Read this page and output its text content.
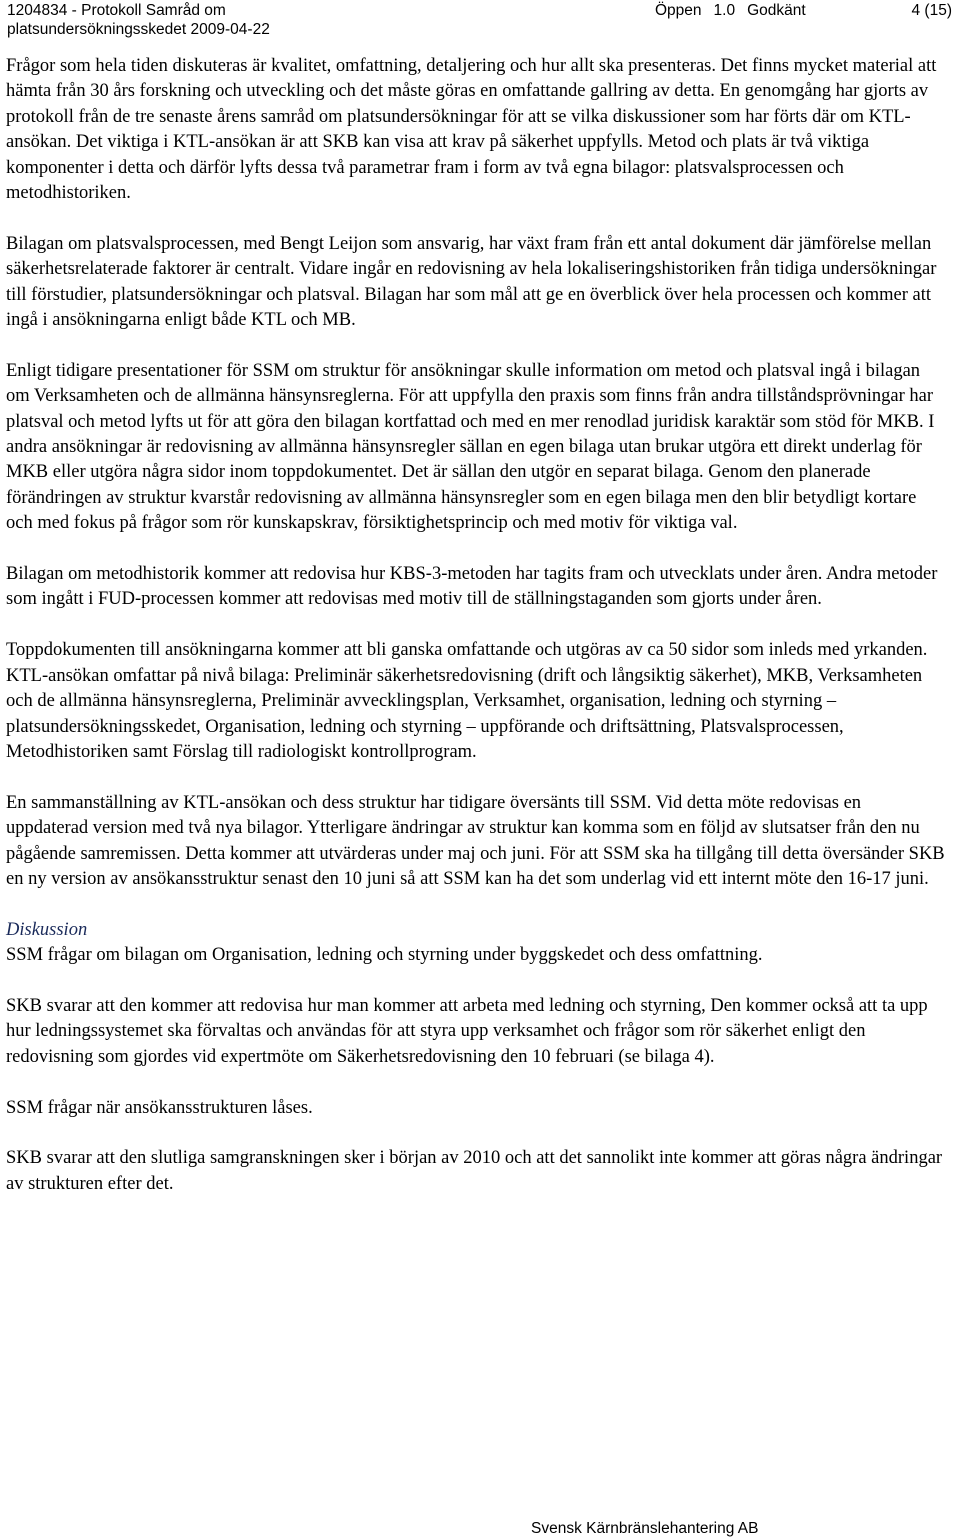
1204834 - Protokoll Samråd om
platsundersökningsskedet 2009-04-22
Öppen 1.0 Godkänt	4 (15)

Frågor som hela tiden diskuteras är kvalitet, omfattning, detaljering och hur allt ska presenteras. Det finns mycket material att hämta från 30 års forskning och utveckling och det måste göras en omfattande gallring av detta. En genomgång har gjorts av protokoll från de tre senaste årens samråd om platsundersökningar för att se vilka diskussioner som har förts där om KTL-ansökan. Det viktiga i KTL-ansökan är att SKB kan visa att krav på säkerhet uppfylls. Metod och plats är två viktiga komponenter i detta och därför lyfts dessa två parametrar fram i form av två egna bilagor: platsvalsprocessen och metodhistoriken.

Bilagan om platsvalsprocessen, med Bengt Leijon som ansvarig, har växt fram från ett antal dokument där jämförelse mellan säkerhetsrelaterade faktorer är centralt. Vidare ingår en redovisning av hela lokaliseringshistoriken från tidiga undersökningar till förstudier, platsundersökningar och platsval. Bilagan har som mål att ge en överblick över hela processen och kommer att ingå i ansökningarna enligt både KTL och MB.

Enligt tidigare presentationer för SSM om struktur för ansökningar skulle information om metod och platsval ingå i bilagan om Verksamheten och de allmänna hänsynsreglerna. För att uppfylla den praxis som finns från andra tillståndsprövningar har platsval och metod lyfts ut för att göra den bilagan kortfattad och med en mer renodlad juridisk karaktär som stöd för MKB. I andra ansökningar är redovisning av allmänna hänsynsregler sällan en egen bilaga utan brukar utgöra ett direkt underlag för MKB eller utgöra några sidor inom toppdokumentet. Det är sällan den utgör en separat bilaga. Genom den planerade förändringen av struktur kvarstår redovisning av allmänna hänsynsregler som en egen bilaga men den blir betydligt kortare och med fokus på frågor som rör kunskapskrav, försiktighetsprincip och med motiv för viktiga val.

Bilagan om metodhistorik kommer att redovisa hur KBS-3-metoden har tagits fram och utvecklats under åren. Andra metoder som ingått i FUD-processen kommer att redovisas med motiv till de ställningstaganden som gjorts under åren.

Toppdokumenten till ansökningarna kommer att bli ganska omfattande och utgöras av ca 50 sidor som inleds med yrkanden. KTL-ansökan omfattar på nivå bilaga: Preliminär säkerhetsredovisning (drift och långsiktig säkerhet), MKB, Verksamheten och de allmänna hänsynsreglerna, Preliminär avvecklingsplan, Verksamhet, organisation, ledning och styrning – platsundersökningsskedet, Organisation, ledning och styrning – uppförande och driftsättning, Platsvalsprocessen, Metodhistoriken samt Förslag till radiologiskt kontrollprogram.

En sammanställning av KTL-ansökan och dess struktur har tidigare översänts till SSM. Vid detta möte redovisas en uppdaterad version med två nya bilagor. Ytterligare ändringar av struktur kan komma som en följd av slutsatser från den nu pågående samremissen. Detta kommer att utvärderas under maj och juni. För att SSM ska ha tillgång till detta översänder SKB en ny version av ansökansstruktur senast den 10 juni så att SSM kan ha det som underlag vid ett internt möte den 16-17 juni.

Diskussion

SSM frågar om bilagan om Organisation, ledning och styrning under byggskedet och dess omfattning.

SKB svarar att den kommer att redovisa hur man kommer att arbeta med ledning och styrning, Den kommer också att ta upp hur ledningssystemet ska förvaltas och användas för att styra upp verksamhet och frågor som rör säkerhet enligt den redovisning som gjordes vid expertmöte om Säkerhetsredovisning den 10 februari (se bilaga 4).

SSM frågar när ansökansstrukturen låses.

SKB svarar att den slutliga samgranskningen sker i början av 2010 och att det sannolikt inte kommer att göras några ändringar av strukturen efter det.

Svensk Kärnbränslehantering AB
